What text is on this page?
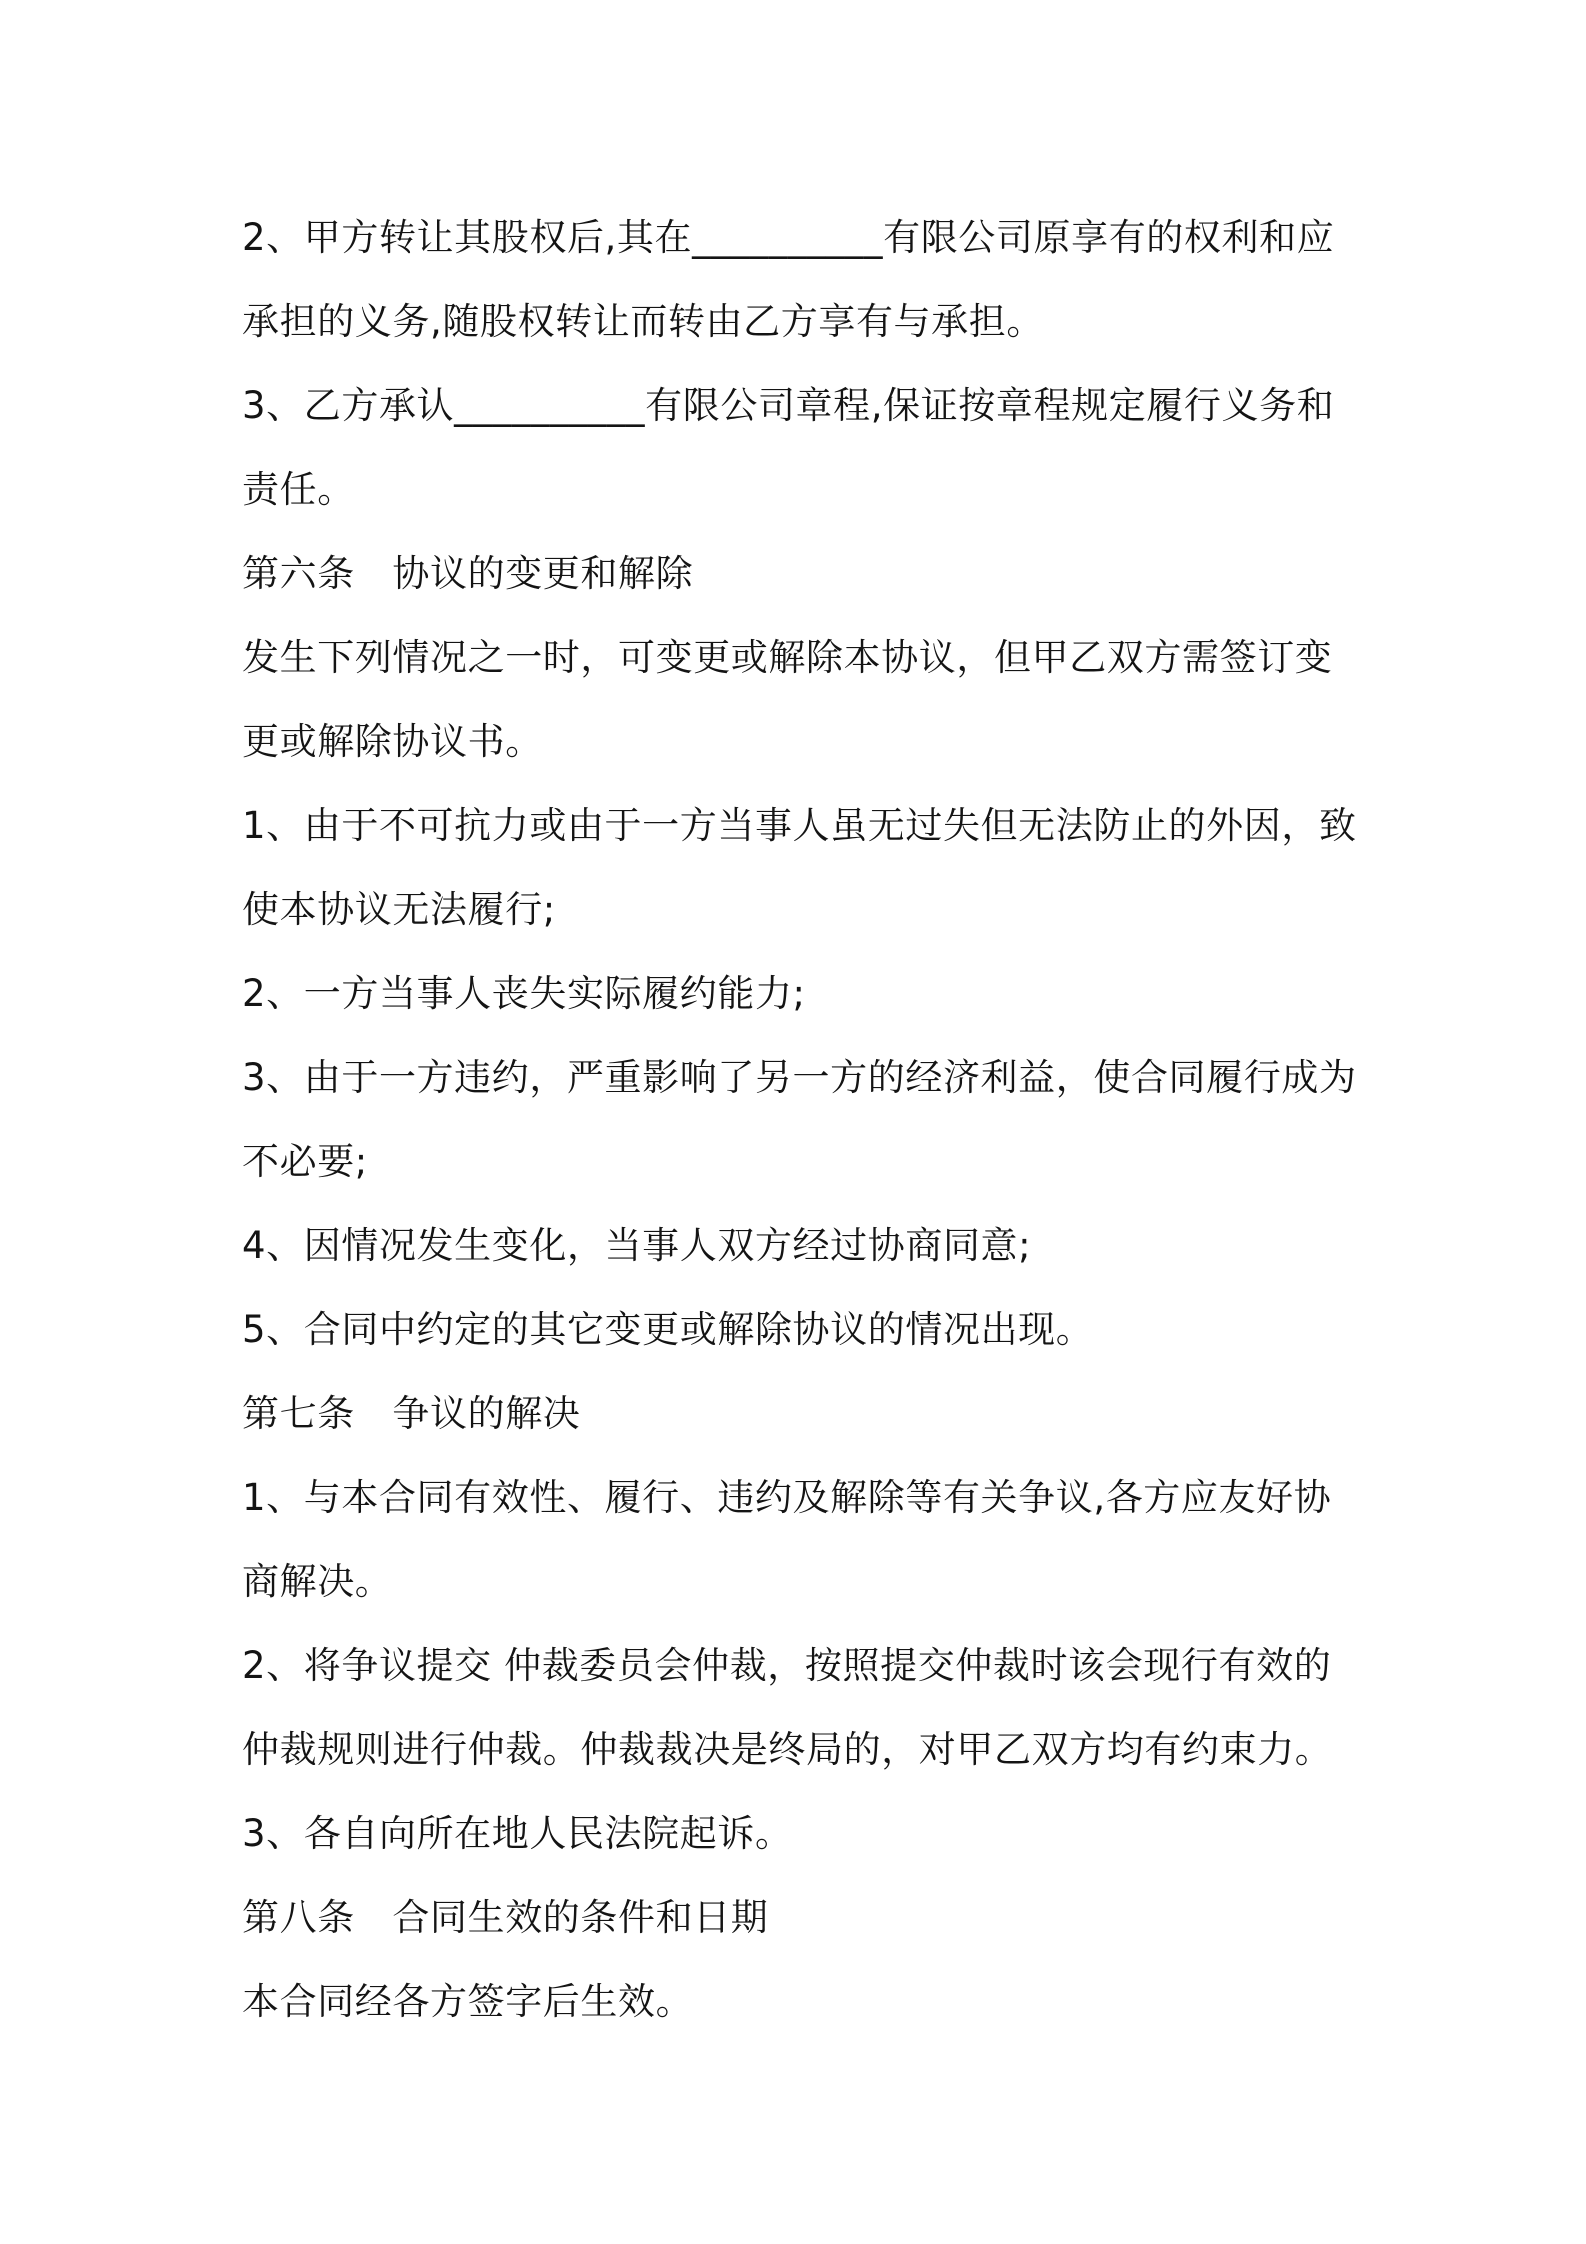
2、甲方转让其股权后,其在__________有限公司原享有的权利和应承担的义务,随股权转让而转由乙方享有与承担。

3、乙方承认__________有限公司章程,保证按章程规定履行义务和责任。

第六条　协议的变更和解除

发生下列情况之一时，可变更或解除本协议，但甲乙双方需签订变更或解除协议书。

1、由于不可抗力或由于一方当事人虽无过失但无法防止的外因，致使本协议无法履行;

2、一方当事人丧失实际履约能力;

3、由于一方违约，严重影响了另一方的经济利益，使合同履行成为不必要;

4、因情况发生变化，当事人双方经过协商同意;

5、合同中约定的其它变更或解除协议的情况出现。

第七条　争议的解决

1、与本合同有效性、履行、违约及解除等有关争议,各方应友好协商解决。

2、将争议提交 仲裁委员会仲裁，按照提交仲裁时该会现行有效的仲裁规则进行仲裁。仲裁裁决是终局的，对甲乙双方均有约束力。

3、各自向所在地人民法院起诉。

第八条　合同生效的条件和日期

本合同经各方签字后生效。
